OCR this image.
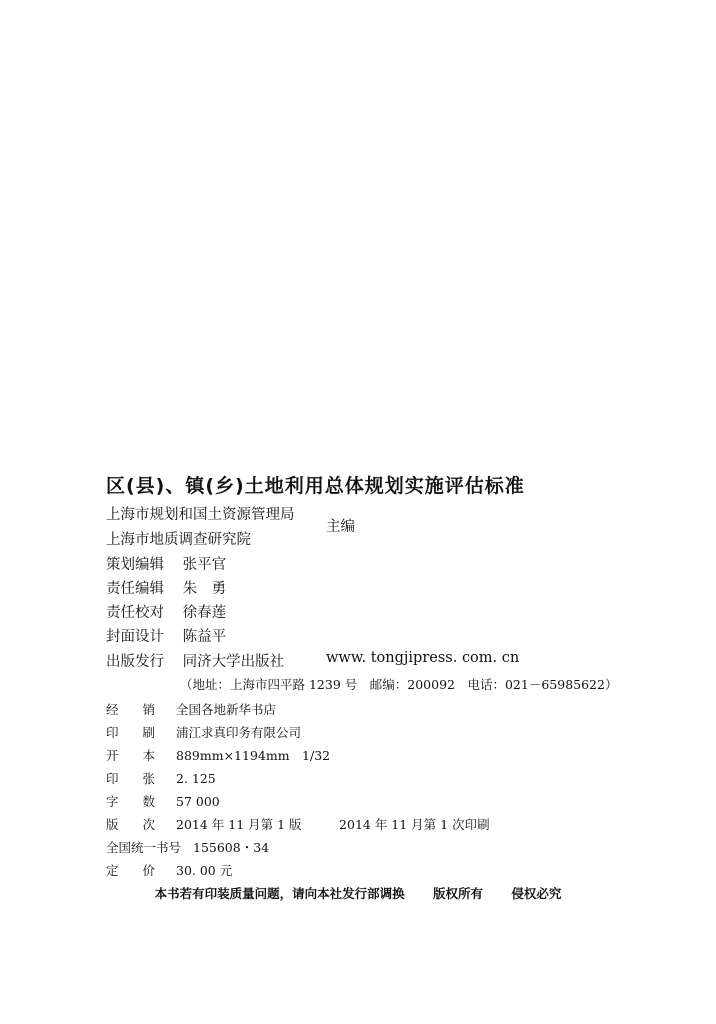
区(县)、镇(乡)土地利用总体规划实施评估标准
上海市规划和国土资源管理局
上海市地质调查研究院
主编
策划编辑 张平官
责任编辑 朱　勇
责任校对 徐春莲
封面设计 陈益平
出版发行 同济大学出版社	www. tongjipress. com. cn
（地址：上海市四平路 1239 号　邮编：200092　电话：021－65985622）
经 销 全国各地新华书店
印 刷 浦江求真印务有限公司
开 本 889mm×1194mm　1/32
印 张 2. 125
字 数 57 000
版 次 2014 年 11 月第 1 版　　　2014 年 11 月第 1 次印刷
全国统一书号 155608・34
定 价 30. 00 元
本书若有印装质量问题，请向本社发行部调换 版权所有 侵权必究
